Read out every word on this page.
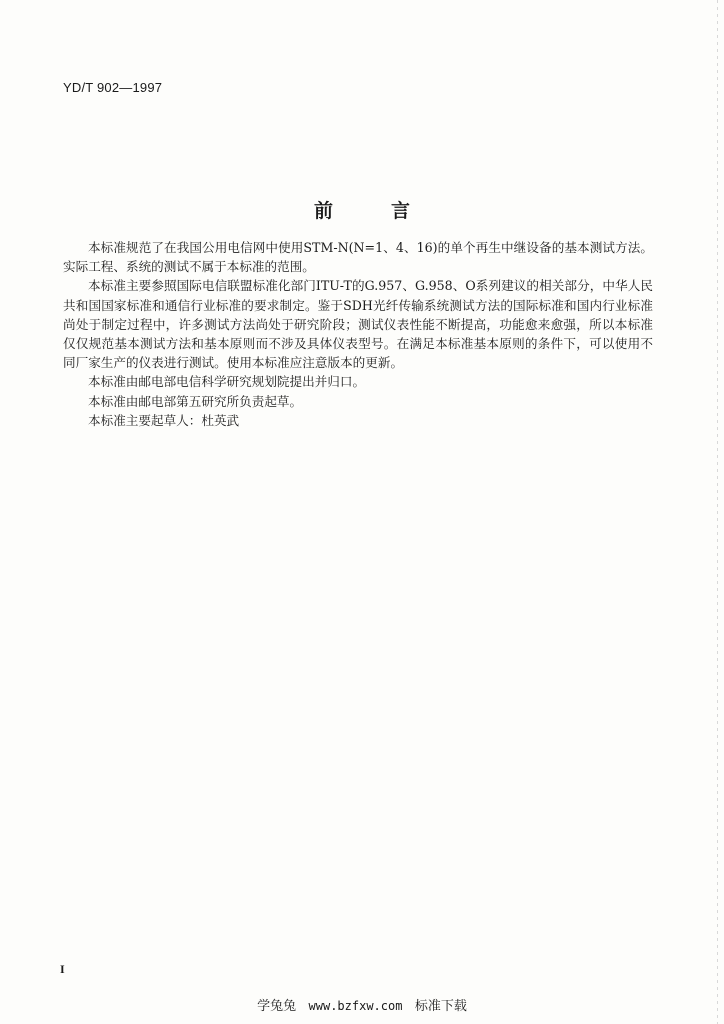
YD/T 902—1997
前	言

本标准规范了在我国公用电信网中使用STM-N(N=1、4、16)的单个再生中继设备的基本测试方法。实际工程、系统的测试不属于本标准的范围。

本标准主要参照国际电信联盟标准化部门ITU-T的G.957、G.958、O系列建议的相关部分，中华人民共和国国家标准和通信行业标准的要求制定。鉴于SDH光纤传输系统测试方法的国际标准和国内行业标准尚处于制定过程中，许多测试方法尚处于研究阶段；测试仪表性能不断提高，功能愈来愈强，所以本标准仅仅规范基本测试方法和基本原则而不涉及具体仪表型号。在满足本标准基本原则的条件下，可以使用不同厂家生产的仪表进行测试。使用本标准应注意版本的更新。

本标准由邮电部电信科学研究规划院提出并归口。

本标准由邮电部第五研究所负责起草。

本标准主要起草人：杜英武

I
学兔兔 www.bzfxw.com 标准下载
